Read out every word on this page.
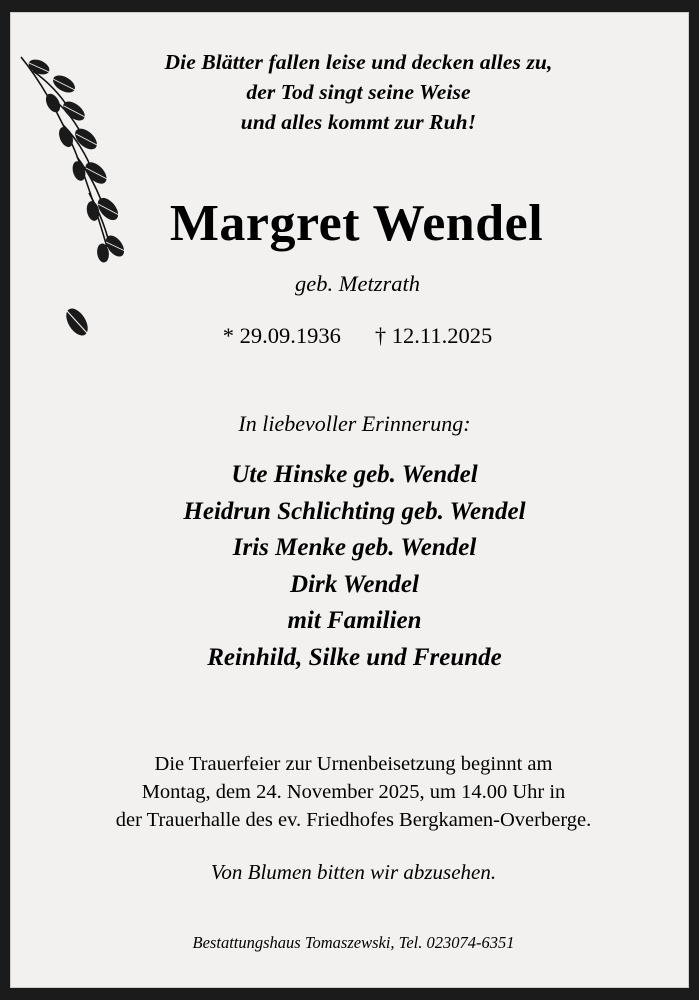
Die Blätter fallen leise und decken alles zu,
der Tod singt seine Weise
und alles kommt zur Ruh!
Margret Wendel
geb. Metzrath
* 29.09.1936 † 12.11.2025
In liebevoller Erinnerung:
Ute Hinske geb. Wendel
Heidrun Schlichting geb. Wendel
Iris Menke geb. Wendel
Dirk Wendel
mit Familien
Reinhild, Silke und Freunde
Die Trauerfeier zur Urnenbeisetzung beginnt am
Montag, dem 24. November 2025, um 14.00 Uhr in
der Trauerhalle des ev. Friedhofes Bergkamen-Overberge.
Von Blumen bitten wir abzusehen.
Bestattungshaus Tomaszewski, Tel. 023074-6351
